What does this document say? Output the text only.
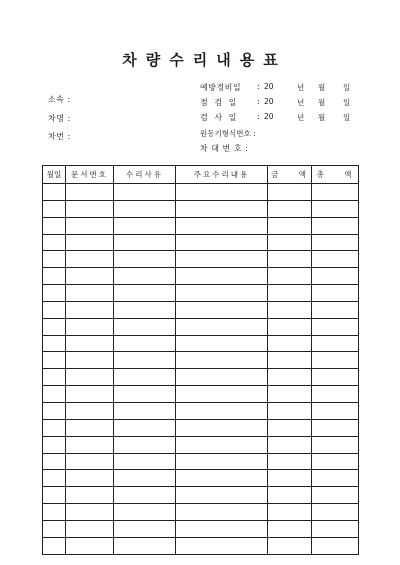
차량수리내용표
소속 :
차명 :
차번 :
예방정비일 : 20	년 월 일
점  검  일	: 20	년 월 일
검  사  일	: 20	년 월 일
원동기형식번호 :
차 대 번 호 :
월일	문서번호	수리사유	주요수리내용	금 액	총 액
